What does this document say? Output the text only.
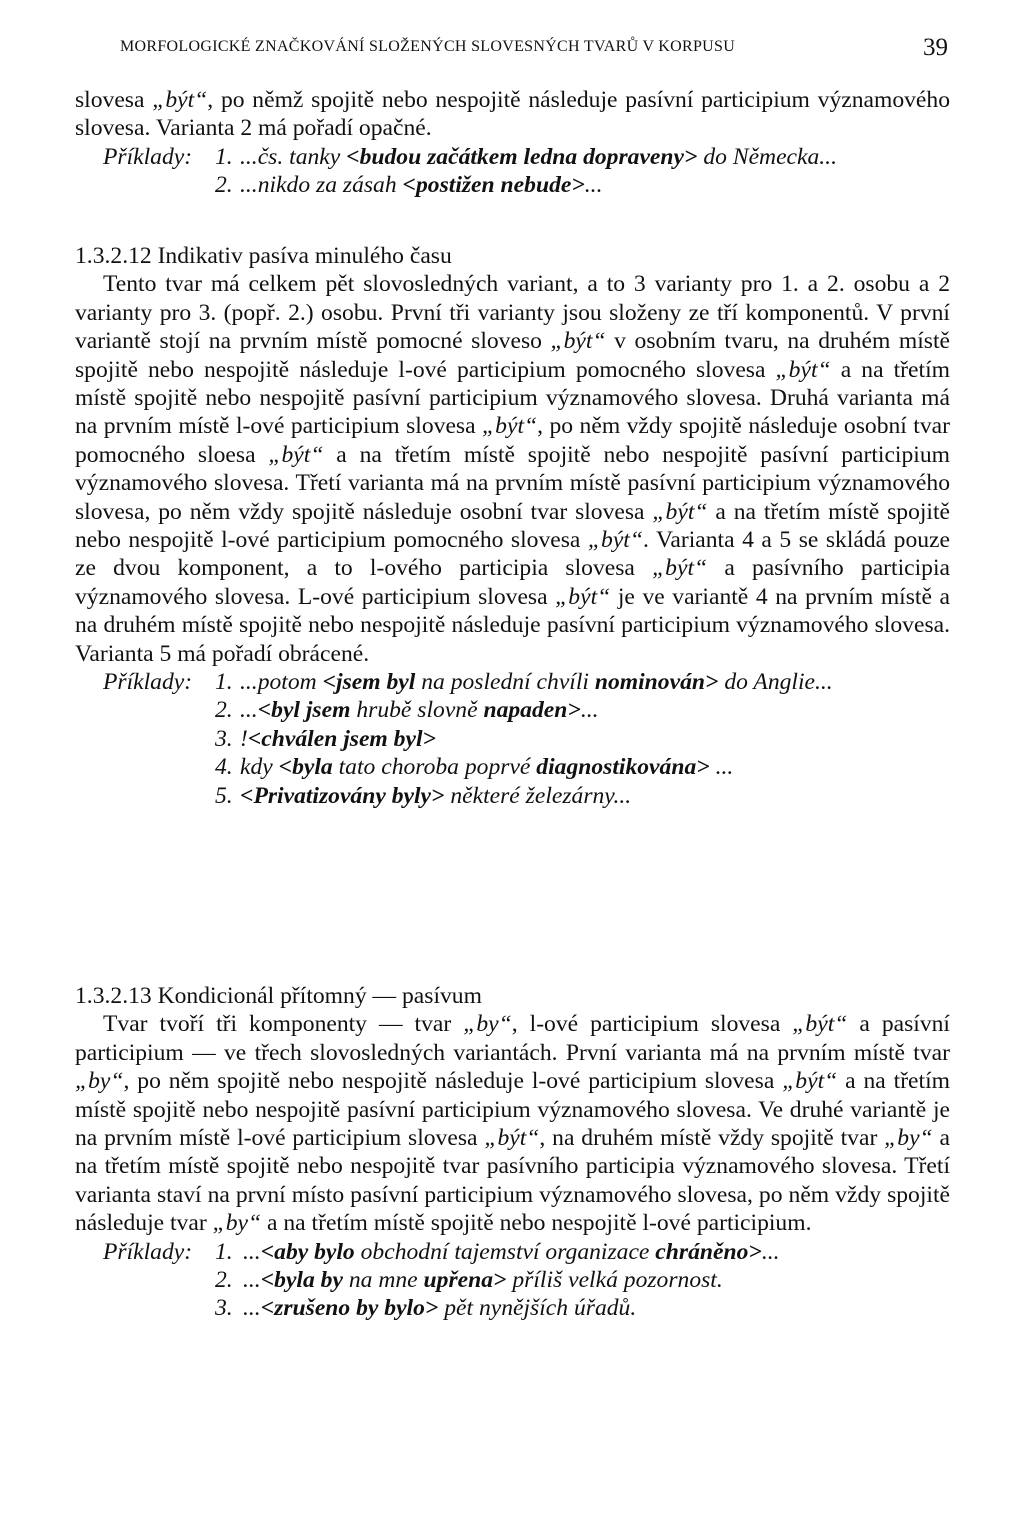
MORFOLOGICKÉ ZNAČKOVÁNÍ SLOŽENÝCH SLOVESNÝCH TVARŮ V KORPUSU	39

slovesa „být“, po němž spojitě nebo nespojitě následuje pasívní participium významového slovesa. Varianta 2 má pořadí opačné.

Příklady: 1. ...čs. tanky <budou začátkem ledna dopraveny> do Německa...
2. ...nikdo za zásah <postižen nebude>...

1.3.2.12 Indikativ pasíva minulého času

Tento tvar má celkem pět slovosledných variant, a to 3 varianty pro 1. a 2. osobu a 2 varianty pro 3. (popř. 2.) osobu. První tři varianty jsou složeny ze tří komponentů. V první variantě stojí na prvním místě pomocné sloveso „být“ v osobním tvaru, na druhém místě spojitě nebo nespojitě následuje l-ové participium pomocného slovesa „být“ a na třetím místě spojitě nebo nespojitě pasívní participium významového slovesa. Druhá varianta má na prvním místě l-ové participium slovesa „být“, po něm vždy spojitě následuje osobní tvar pomocného sloesa „být“ a na třetím místě spojitě nebo nespojitě pasívní participium významového slovesa. Třetí varianta má na prvním místě pasívní participium významového slovesa, po něm vždy spojitě následuje osobní tvar slovesa „být“ a na třetím místě spojitě nebo nespojitě l-ové participium pomocného slovesa „být“. Varianta 4 a 5 se skládá pouze ze dvou komponent, a to l-ového participia slovesa „být“ a pasívního participia významového slovesa. L-ové participium slovesa „být“ je ve variantě 4 na prvním místě a na druhém místě spojitě nebo nespojitě následuje pasívní participium významového slovesa. Varianta 5 má pořadí obrácené.

Příklady: 1. ...potom <jsem byl na poslední chvíli nominován> do Anglie...
2. ...<byl jsem hrubě slovně napaden>...
3. !<chválen jsem byl>
4. kdy <byla tato choroba poprvé diagnostikována> ...
5. <Privatizovány byly> některé železárny...

1.3.2.13 Kondicionál přítomný — pasívum

Tvar tvoří tři komponenty — tvar „by“, l-ové participium slovesa „být“ a pasívní participium — ve třech slovosledných variantách. První varianta má na prvním místě tvar „by“, po něm spojitě nebo nespojitě následuje l-ové participium slovesa „být“ a na třetím místě spojitě nebo nespojitě pasívní participium významového slovesa. Ve druhé variantě je na prvním místě l-ové participium slovesa „být“, na druhém místě vždy spojitě tvar „by“ a na třetím místě spojitě nebo nespojitě tvar pasívního participia významového slovesa. Třetí varianta staví na první místo pasívní participium významového slovesa, po něm vždy spojitě následuje tvar „by“ a na třetím místě spojitě nebo nespojitě l-ové participium.

Příklady: 1. ...<aby bylo obchodní tajemství organizace chráněno>...
2. ...<byla by na mne upřena> příliš velká pozornost.
3. ...<zrušeno by bylo> pět nynějších úřadů.
